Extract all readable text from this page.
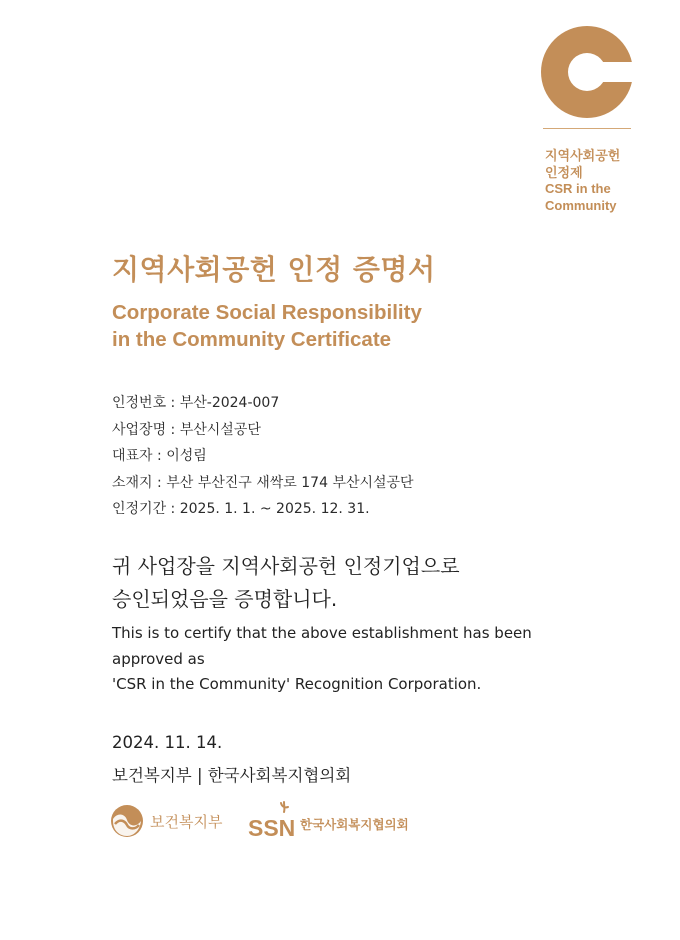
지역사회공헌
인정제
CSR in the
Community
지역사회공헌 인정 증명서
Corporate Social Responsibility
in the Community Certificate
인정번호 : 부산-2024-007
사업장명 : 부산시설공단
대표자 : 이성림
소재지 : 부산 부산진구 새싹로 174 부산시설공단
인정기간 : 2025. 1. 1. ~ 2025. 12. 31.
귀 사업장을 지역사회공헌 인정기업으로
승인되었음을 증명합니다.
This is to certify that the above establishment has been
approved as
'CSR in the Community' Recognition Corporation.
2024. 11. 14.
보건복지부 | 한국사회복지협의회
보건복지부 SSN 한국사회복지협의회
